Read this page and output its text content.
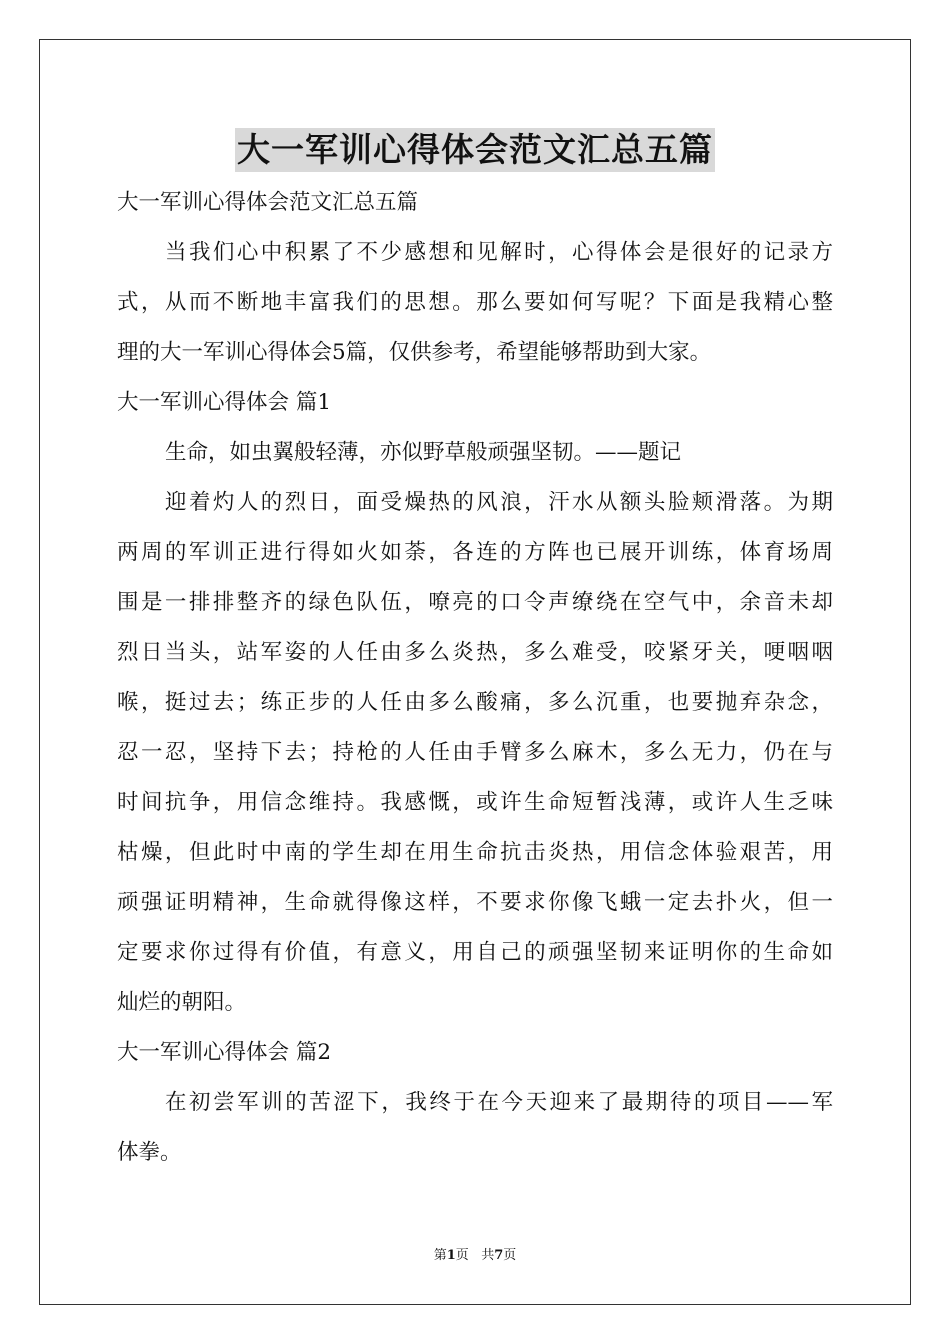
大一军训心得体会范文汇总五篇
大一军训心得体会范文汇总五篇
当我们心中积累了不少感想和见解时，心得体会是很好的记录方
式，从而不断地丰富我们的思想。那么要如何写呢？下面是我精心整
理的大一军训心得体会5篇，仅供参考，希望能够帮助到大家。
大一军训心得体会 篇1
生命，如虫翼般轻薄，亦似野草般顽强坚韧。——题记
迎着灼人的烈日，面受燥热的风浪，汗水从额头脸颊滑落。为期
两周的军训正进行得如火如荼，各连的方阵也已展开训练，体育场周
围是一排排整齐的绿色队伍，嘹亮的口令声缭绕在空气中，余音未却
烈日当头，站军姿的人任由多么炎热，多么难受，咬紧牙关，哽咽咽
喉，挺过去；练正步的人任由多么酸痛，多么沉重，也要抛弃杂念，
忍一忍，坚持下去；持枪的人任由手臂多么麻木，多么无力，仍在与
时间抗争，用信念维持。我感慨，或许生命短暂浅薄，或许人生乏味
枯燥，但此时中南的学生却在用生命抗击炎热，用信念体验艰苦，用
顽强证明精神，生命就得像这样，不要求你像飞蛾一定去扑火，但一
定要求你过得有价值，有意义，用自己的顽强坚韧来证明你的生命如
灿烂的朝阳。
大一军训心得体会 篇2
在初尝军训的苦涩下，我终于在今天迎来了最期待的项目——军
体拳。
第1页 共7页
